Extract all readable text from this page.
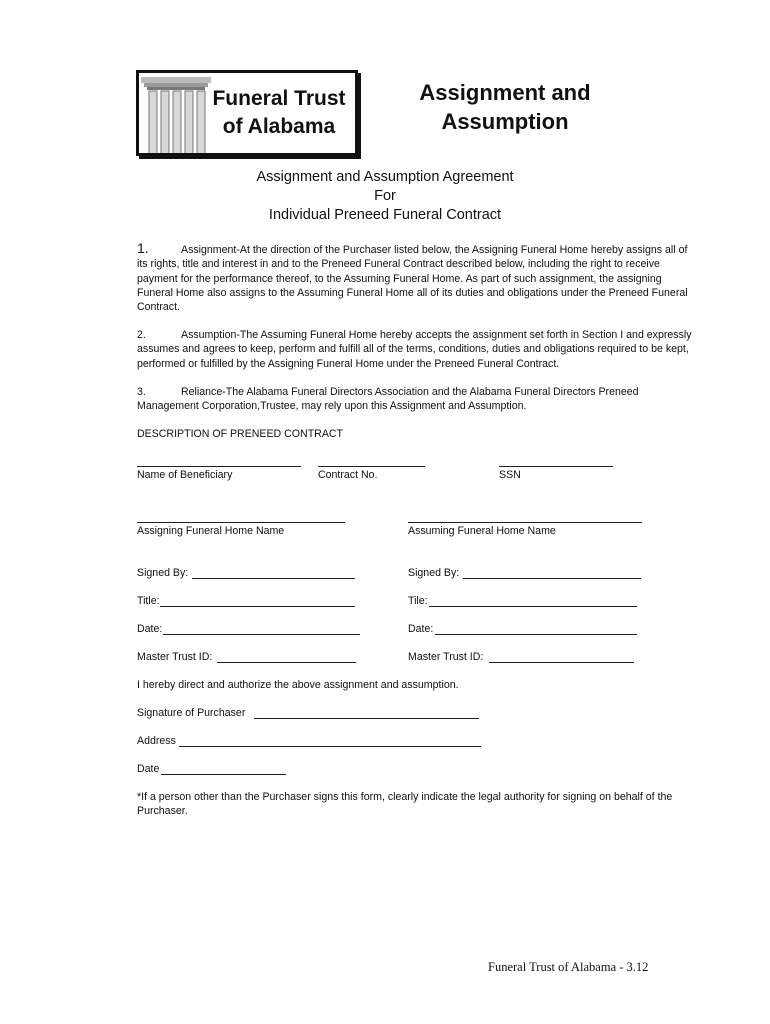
Funeral Trust
of Alabama
Assignment and
Assumption
Assignment and Assumption Agreement
For
Individual Preneed Funeral Contract
1.	Assignment-At the direction of the Purchaser listed below, the Assigning Funeral Home hereby assigns all of its rights, title and interest in and to the Preneed Funeral Contract described below, including the right to receive payment for the performance thereof, to the Assuming Funeral Home. As part of such assignment, the assigning Funeral Home also assigns to the Assuming Funeral Home all of its duties and obligations under the Preneed Funeral Contract.
2.	Assumption-The Assuming Funeral Home hereby accepts the assignment set forth in Section I and expressly assumes and agrees to keep, perform and fulfill all of the terms, conditions, duties and obligations required to be kept, performed or fulfilled by the Assigning Funeral Home under the Preneed Funeral Contract.
3.	Reliance-The Alabama Funeral Directors Association and the Alabama Funeral Directors Preneed Management Corporation,Trustee, may rely upon this Assignment and Assumption.
DESCRIPTION OF PRENEED CONTRACT
Name of Beneficiary	Contract No.	SSN
Assigning Funeral Home Name	Assuming Funeral Home Name
Signed By:	Signed By:
Title:	Tile:
Date:	Date:
Master Trust ID:	Master Trust ID:
I hereby direct and authorize the above assignment and assumption.
Signature of Purchaser
Address
Date
*If a person other than the Purchaser signs this form, clearly indicate the legal authority for signing on behalf of the Purchaser.
Funeral Trust of Alabama - 3.12
